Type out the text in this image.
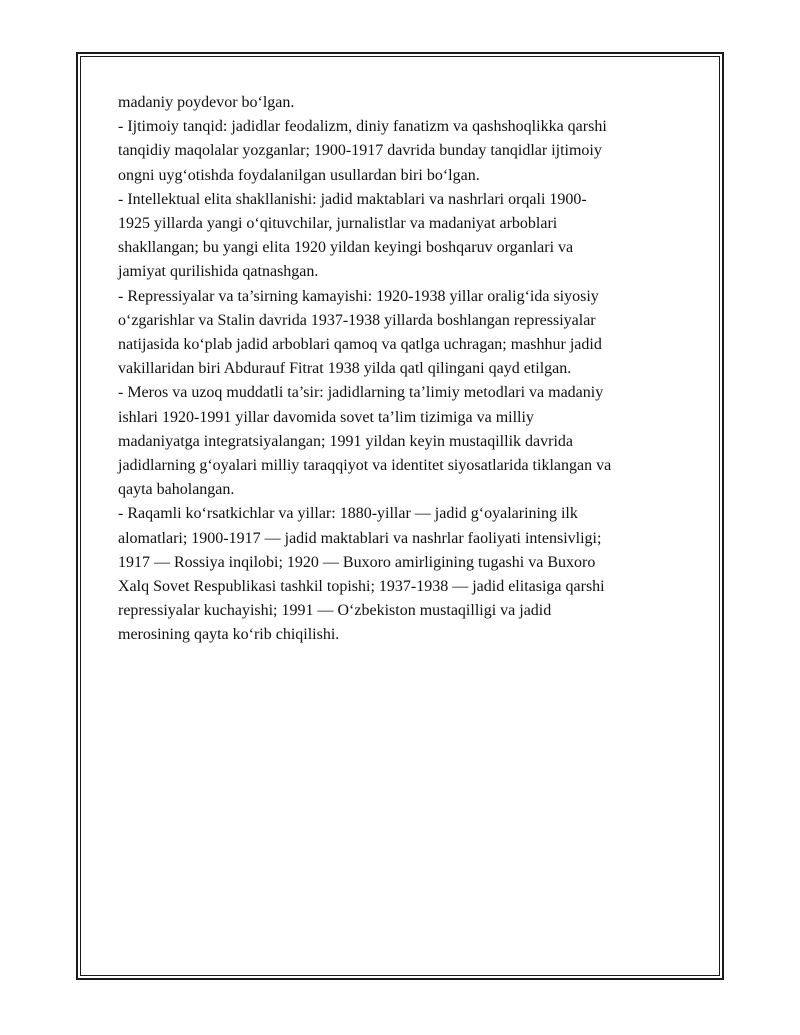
madaniy poydevor bo‘lgan.
- Ijtimoiy tanqid: jadidlar feodalizm, diniy fanatizm va qashshoqlikka qarshi
tanqidiy maqolalar yozganlar; 1900-1917 davrida bunday tanqidlar ijtimoiy
ongni uyg‘otishda foydalanilgan usullardan biri bo‘lgan.
- Intellektual elita shakllanishi: jadid maktablari va nashrlari orqali 1900-
1925 yillarda yangi o‘qituvchilar, jurnalistlar va madaniyat arboblari
shakllangan; bu yangi elita 1920 yildan keyingi boshqaruv organlari va
jamiyat qurilishida qatnashgan.
- Repressiyalar va ta’sirning kamayishi: 1920-1938 yillar oralig‘ida siyosiy
o‘zgarishlar va Stalin davrida 1937-1938 yillarda boshlangan repressiyalar
natijasida ko‘plab jadid arboblari qamoq va qatlga uchragan; mashhur jadid
vakillaridan biri Abdurauf Fitrat 1938 yilda qatl qilingani qayd etilgan.
- Meros va uzoq muddatli ta’sir: jadidlarning ta’limiy metodlari va madaniy
ishlari 1920-1991 yillar davomida sovet ta’lim tizimiga va milliy
madaniyatga integratsiyalangan; 1991 yildan keyin mustaqillik davrida
jadidlarning g‘oyalari milliy taraqqiyot va identitet siyosatlarida tiklangan va
qayta baholangan.
- Raqamli ko‘rsatkichlar va yillar: 1880-yillar — jadid g‘oyalarining ilk
alomatlari; 1900-1917 — jadid maktablari va nashrlar faoliyati intensivligi;
1917 — Rossiya inqilobi; 1920 — Buxoro amirligining tugashi va Buxoro
Xalq Sovet Respublikasi tashkil topishi; 1937-1938 — jadid elitasiga qarshi
repressiyalar kuchayishi; 1991 — O‘zbekiston mustaqilligi va jadid
merosining qayta ko‘rib chiqilishi.
